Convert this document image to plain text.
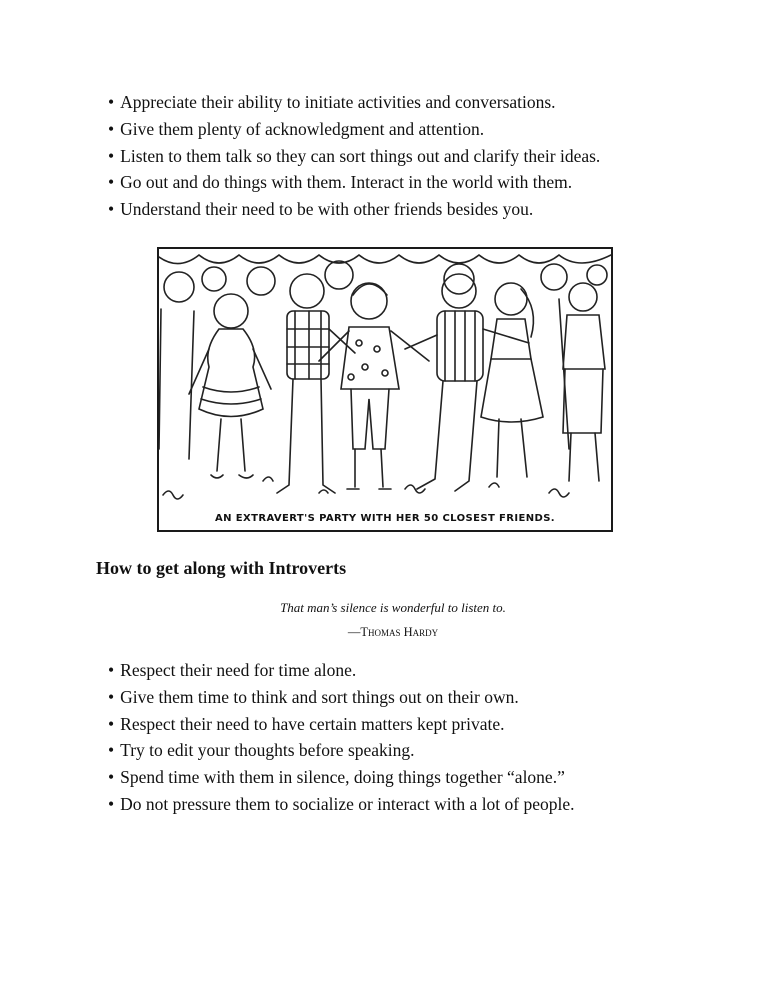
• Appreciate their ability to initiate activities and conversations.
• Give them plenty of acknowledgment and attention.
• Listen to them talk so they can sort things out and clarify their ideas.
• Go out and do things with them. Interact in the world with them.
• Understand their need to be with other friends besides you.
AN EXTRAVERT'S PARTY WITH HER 50 CLOSEST FRIENDS.
How to get along with Introverts
That man’s silence is wonderful to listen to.
—Thomas Hardy
• Respect their need for time alone.
• Give them time to think and sort things out on their own.
• Respect their need to have certain matters kept private.
• Try to edit your thoughts before speaking.
• Spend time with them in silence, doing things together “alone.”
• Do not pressure them to socialize or interact with a lot of people.
